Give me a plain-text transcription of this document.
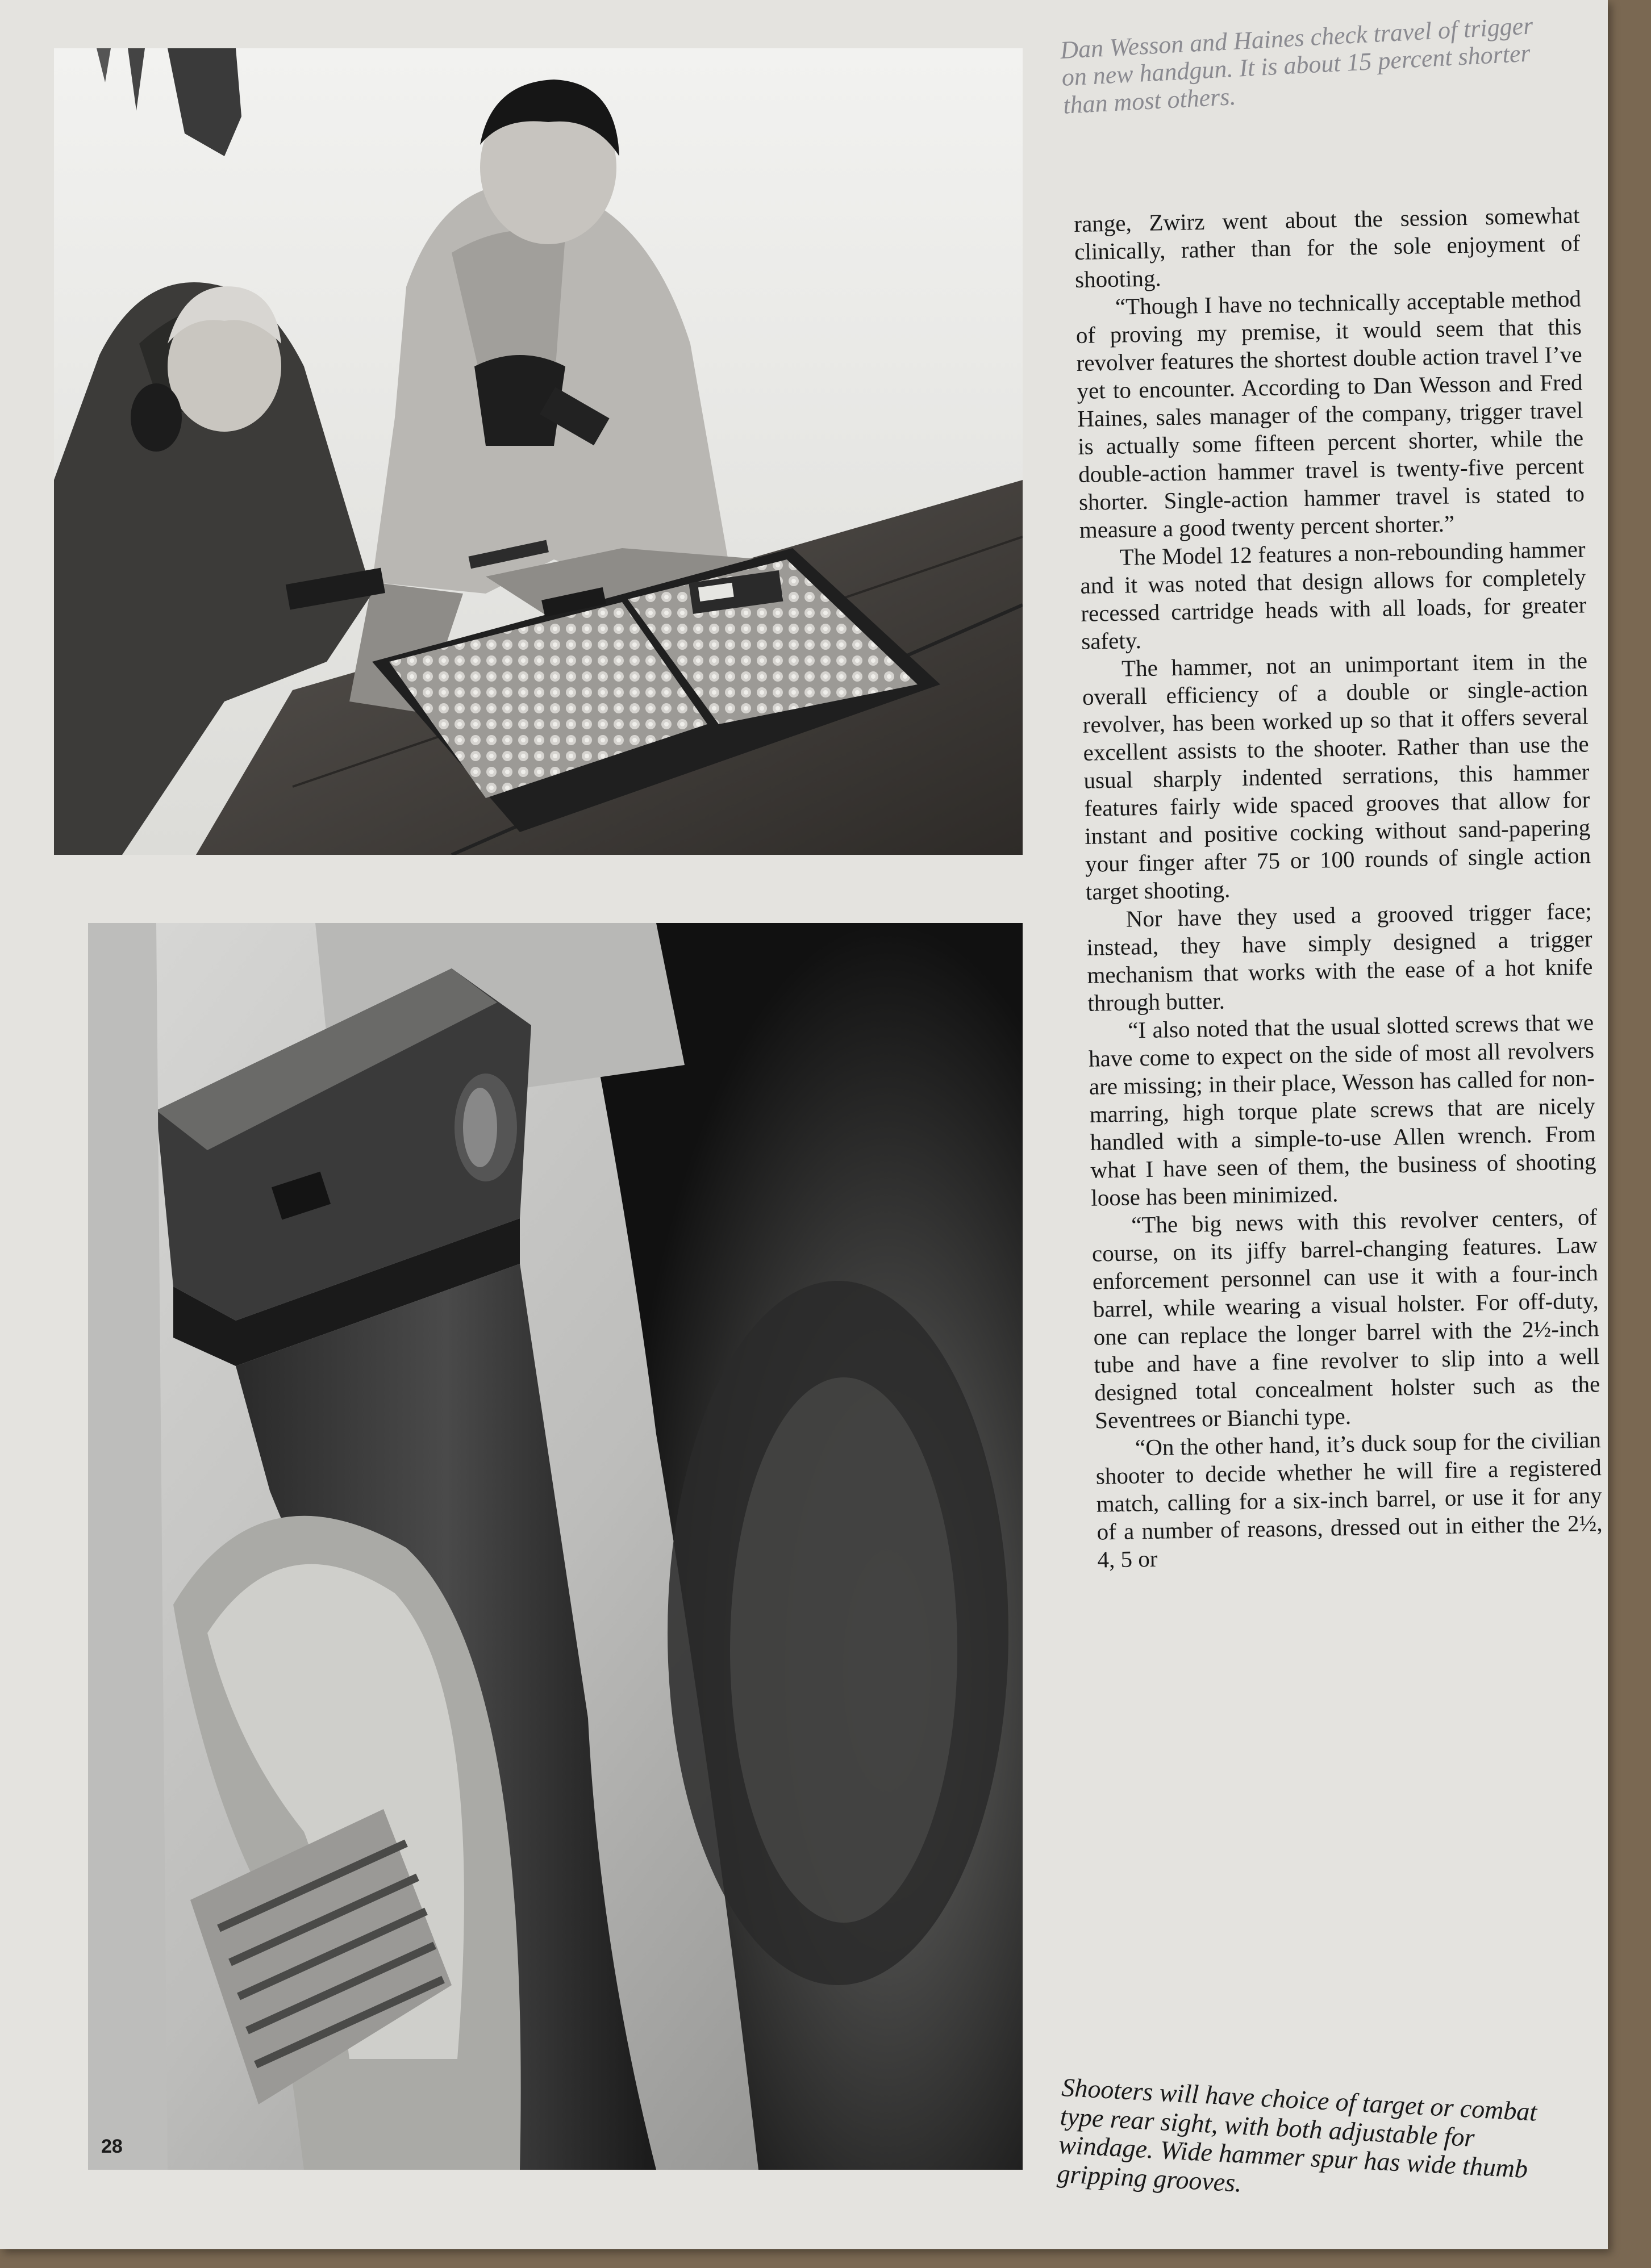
Dan Wesson and Haines check travel of trigger on new handgun. It is about 15 percent shorter than most others.

range, Zwirz went about the session somewhat clinically, rather than for the sole enjoyment of shooting.

“Though I have no technically acceptable method of proving my premise, it would seem that this revolver features the shortest double action travel I’ve yet to encounter. According to Dan Wesson and Fred Haines, sales manager of the company, trigger travel is actually some fifteen percent shorter, while the double-action hammer travel is twenty-five percent shorter. Single-action hammer travel is stated to measure a good twenty percent shorter.”

The Model 12 features a non-rebounding hammer and it was noted that design allows for completely recessed cartridge heads with all loads, for greater safety.

The hammer, not an unimportant item in the overall efficiency of a double or single-action revolver, has been worked up so that it offers several excellent assists to the shooter. Rather than use the usual sharply indented serrations, this hammer features fairly wide spaced grooves that allow for instant and positive cocking without sand-papering your finger after 75 or 100 rounds of single action target shooting.

Nor have they used a grooved trigger face; instead, they have simply designed a trigger mechanism that works with the ease of a hot knife through butter.

“I also noted that the usual slotted screws that we have come to expect on the side of most all revolvers are missing; in their place, Wesson has called for non-marring, high torque plate screws that are nicely handled with a simple-to-use Allen wrench. From what I have seen of them, the business of shooting loose has been minimized.

“The big news with this revolver centers, of course, on its jiffy barrel-changing features. Law enforcement personnel can use it with a four-inch barrel, while wearing a visual holster. For off-duty, one can replace the longer barrel with the 2½-inch tube and have a fine revolver to slip into a well designed total concealment holster such as the Seventrees or Bianchi type.

“On the other hand, it’s duck soup for the civilian shooter to decide whether he will fire a registered match, calling for a six-inch barrel, or use it for any of a number of reasons, dressed out in either the 2½, 4, 5 or

Shooters will have choice of target or combat type rear sight, with both adjustable for windage. Wide hammer spur has wide thumb gripping grooves.
28
